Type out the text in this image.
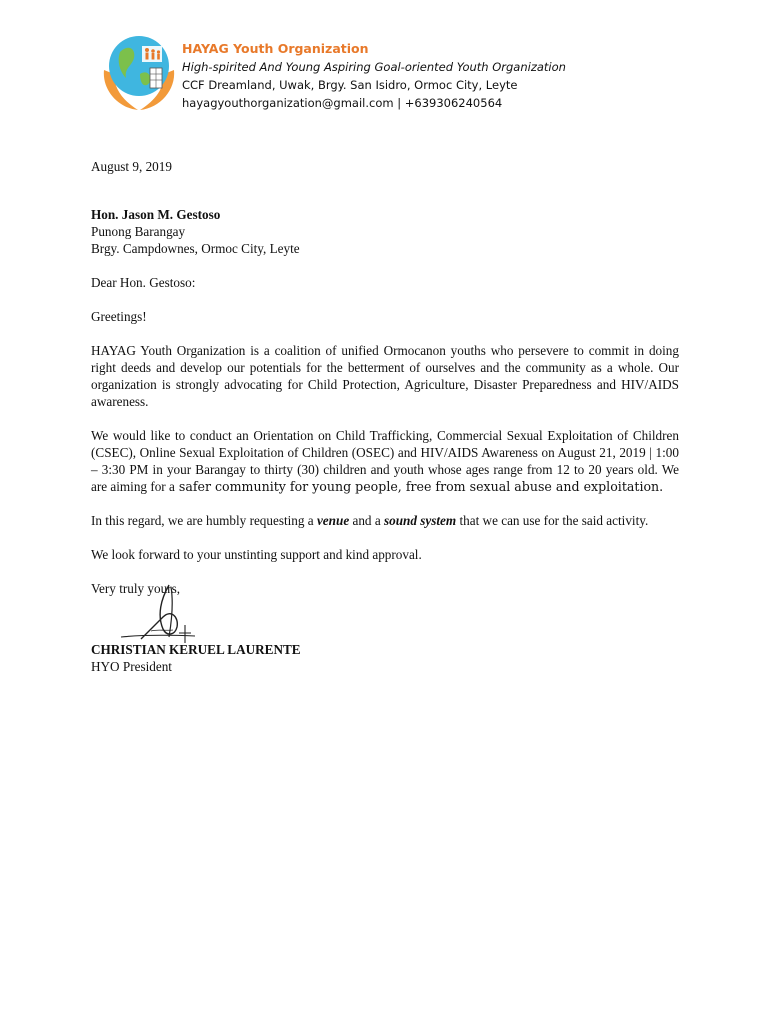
HAYAG Youth Organization
High-spirited And Young Aspiring Goal-oriented Youth Organization
CCF Dreamland, Uwak, Brgy. San Isidro, Ormoc City, Leyte
hayagyouthorganization@gmail.com | +639306240564

August 9, 2019

Hon. Jason M. Gestoso

Punong Barangay

Brgy. Campdownes, Ormoc City, Leyte

Dear Hon. Gestoso:

Greetings!

HAYAG Youth Organization is a coalition of unified Ormocanon youths who persevere to commit in doing right deeds and develop our potentials for the betterment of ourselves and the community as a whole. Our organization is strongly advocating for Child Protection, Agriculture, Disaster Preparedness and HIV/AIDS awareness.

We would like to conduct an Orientation on Child Trafficking, Commercial Sexual Exploitation of Children (CSEC), Online Sexual Exploitation of Children (OSEC) and HIV/AIDS Awareness on August 21, 2019 | 1:00 – 3:30 PM in your Barangay to thirty (30) children and youth whose ages range from 12 to 20 years old. We are aiming for a safer community for young people, free from sexual abuse and exploitation.

In this regard, we are humbly requesting a venue and a sound system that we can use for the said activity.

We look forward to your unstinting support and kind approval.

Very truly yours,

CHRISTIAN KERUEL LAURENTE

HYO President
